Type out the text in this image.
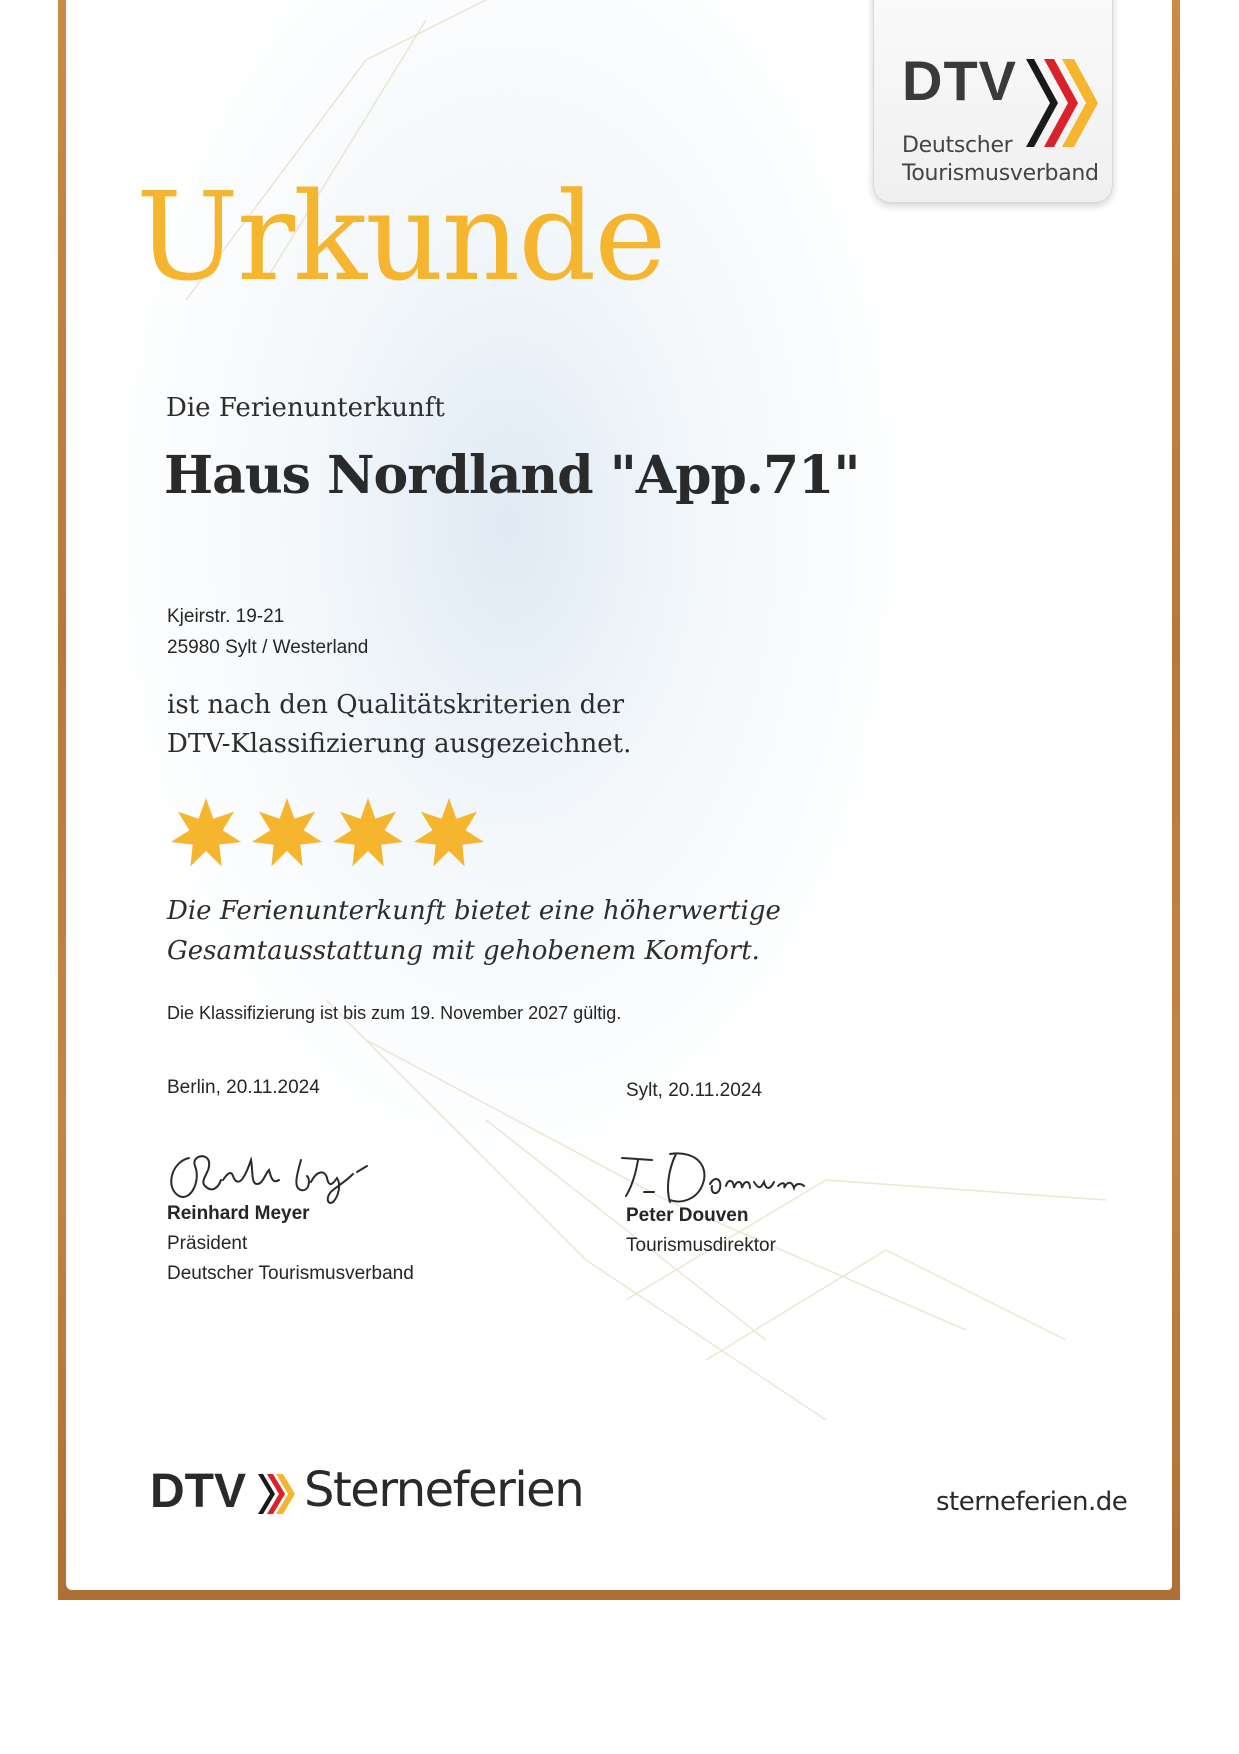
DTV
Deutscher
Tourismusverband
Urkunde
Die Ferienunterkunft
Haus Nordland "App.71"
Kjeirstr. 19-21
25980 Sylt / Westerland
ist nach den Qualitätskriterien der
DTV-Klassifizierung ausgezeichnet.
Die Ferienunterkunft bietet eine höherwertige
Gesamtausstattung mit gehobenem Komfort.
Die Klassifizierung ist bis zum 19. November 2027 gültig.
Berlin, 20.11.2024	Sylt, 20.11.2024
Reinhard Meyer
Präsident
Deutscher Tourismusverband
Peter Douven
Tourismusdirektor
DTV Sterneferien	sterneferien.de
